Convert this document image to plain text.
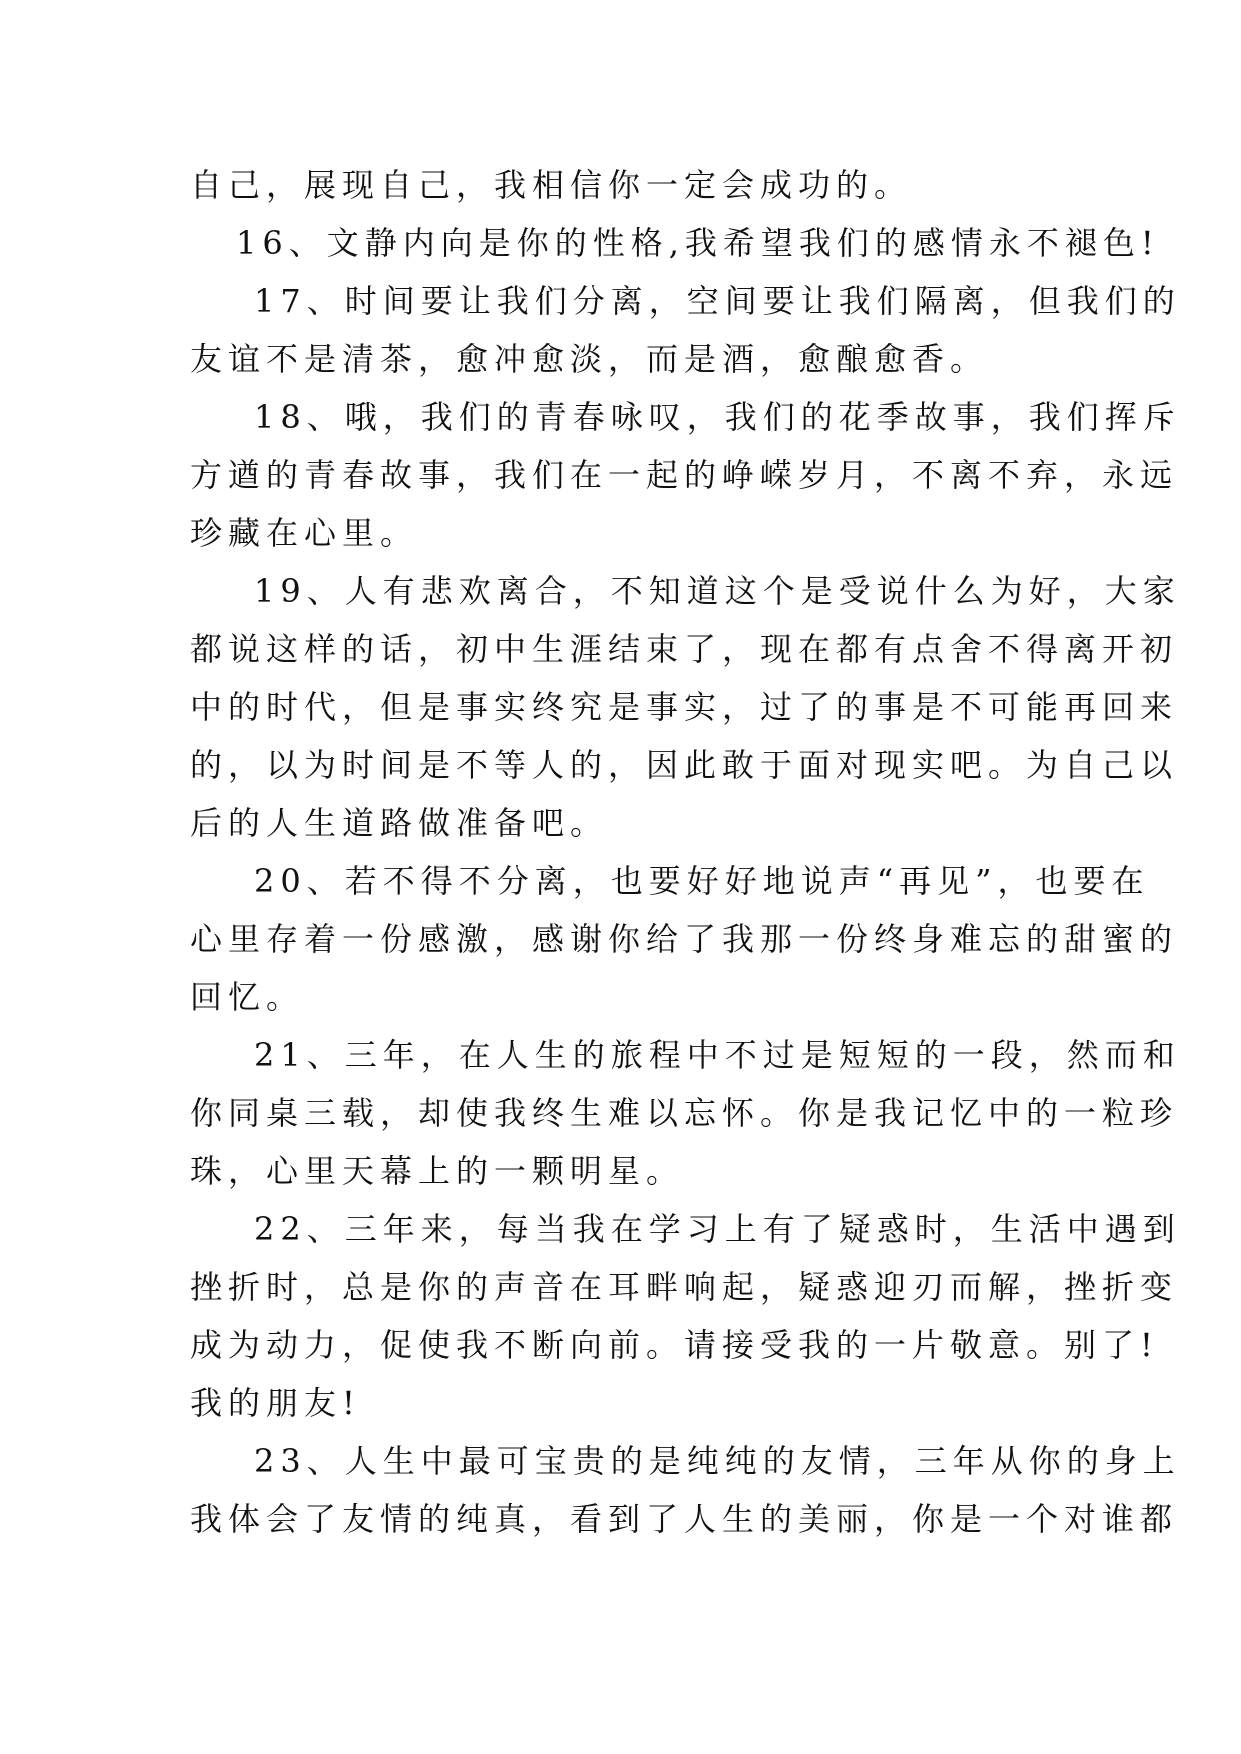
自己，展现自己，我相信你一定会成功的。
16、文静内向是你的性格,我希望我们的感情永不褪色!
17、时间要让我们分离，空间要让我们隔离，但我们的
友谊不是清茶，愈冲愈淡，而是酒，愈酿愈香。
18、哦，我们的青春咏叹，我们的花季故事，我们挥斥
方遒的青春故事，我们在一起的峥嵘岁月，不离不弃，永远
珍藏在心里。
19、人有悲欢离合，不知道这个是受说什么为好，大家
都说这样的话，初中生涯结束了，现在都有点舍不得离开初
中的时代，但是事实终究是事实，过了的事是不可能再回来
的，以为时间是不等人的，因此敢于面对现实吧。为自己以
后的人生道路做准备吧。
20、若不得不分离，也要好好地说声“再见”，也要在
心里存着一份感激，感谢你给了我那一份终身难忘的甜蜜的
回忆。
21、三年，在人生的旅程中不过是短短的一段，然而和
你同桌三载，却使我终生难以忘怀。你是我记忆中的一粒珍
珠，心里天幕上的一颗明星。
22、三年来，每当我在学习上有了疑惑时，生活中遇到
挫折时，总是你的声音在耳畔响起，疑惑迎刃而解，挫折变
成为动力，促使我不断向前。请接受我的一片敬意。别了!
我的朋友!
23、人生中最可宝贵的是纯纯的友情，三年从你的身上
我体会了友情的纯真，看到了人生的美丽，你是一个对谁都
